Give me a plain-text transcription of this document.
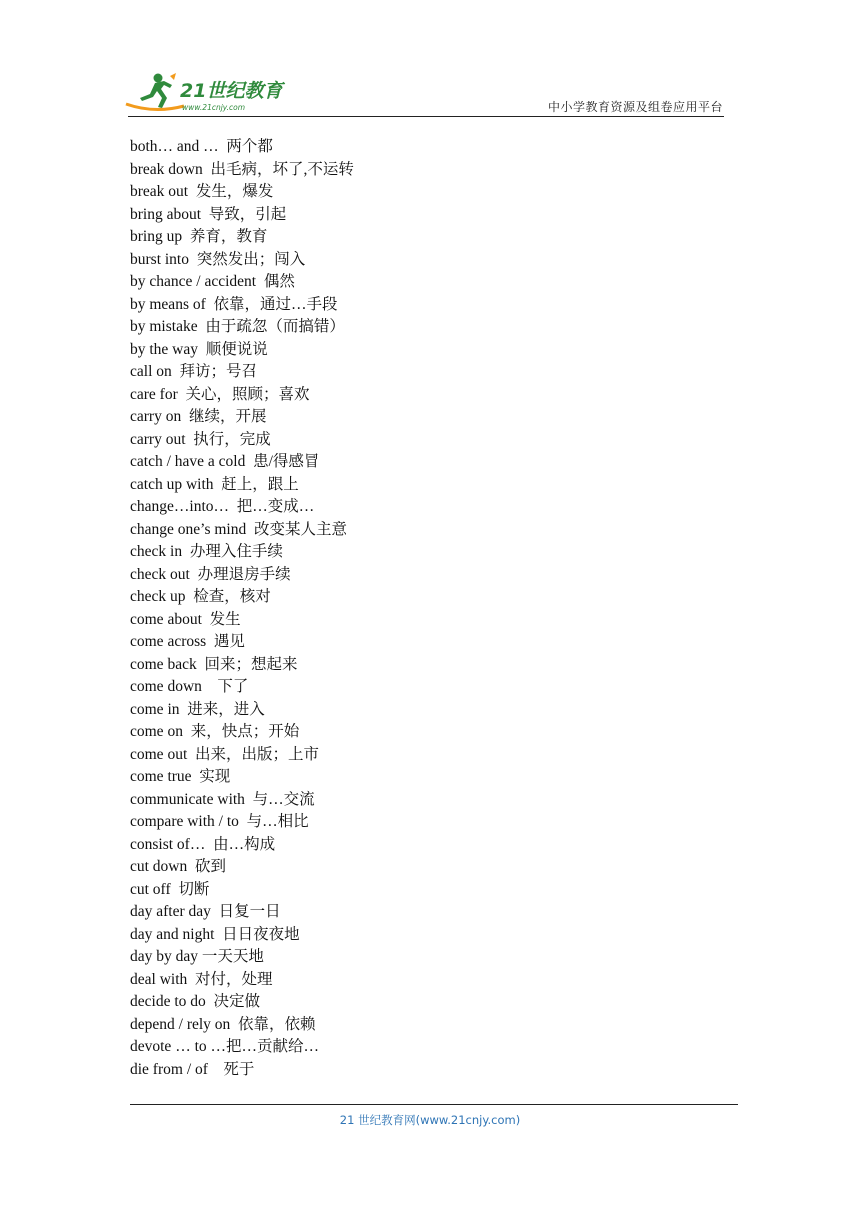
21世纪教育
www.21cnjy.com	中小学教育资源及组卷应用平台
both… and …  两个都
break down  出毛病，坏了,不运转
break out  发生，爆发
bring about  导致，引起
bring up  养育，教育
burst into  突然发出；闯入
by chance / accident  偶然
by means of  依靠，通过…手段
by mistake  由于疏忽（而搞错）
by the way  顺便说说
call on  拜访；号召
care for  关心，照顾；喜欢
carry on  继续，开展
carry out  执行，完成
catch / have a cold  患/得感冒
catch up with  赶上，跟上
change…into…  把…变成…
change one’s mind  改变某人主意
check in  办理入住手续
check out  办理退房手续
check up  检查，核对
come about  发生
come across  遇见
come back  回来；想起来
come down    下了
come in  进来，进入
come on  来，快点；开始
come out  出来，出版；上市
come true  实现
communicate with  与…交流
compare with / to  与…相比
consist of…  由…构成
cut down  砍到
cut off  切断
day after day  日复一日
day and night  日日夜夜地
day by day 一天天地
deal with  对付，处理
decide to do  决定做
depend / rely on  依靠，依赖
devote … to …把…贡献给…
die from / of    死于
21 世纪教育网(www.21cnjy.com)
